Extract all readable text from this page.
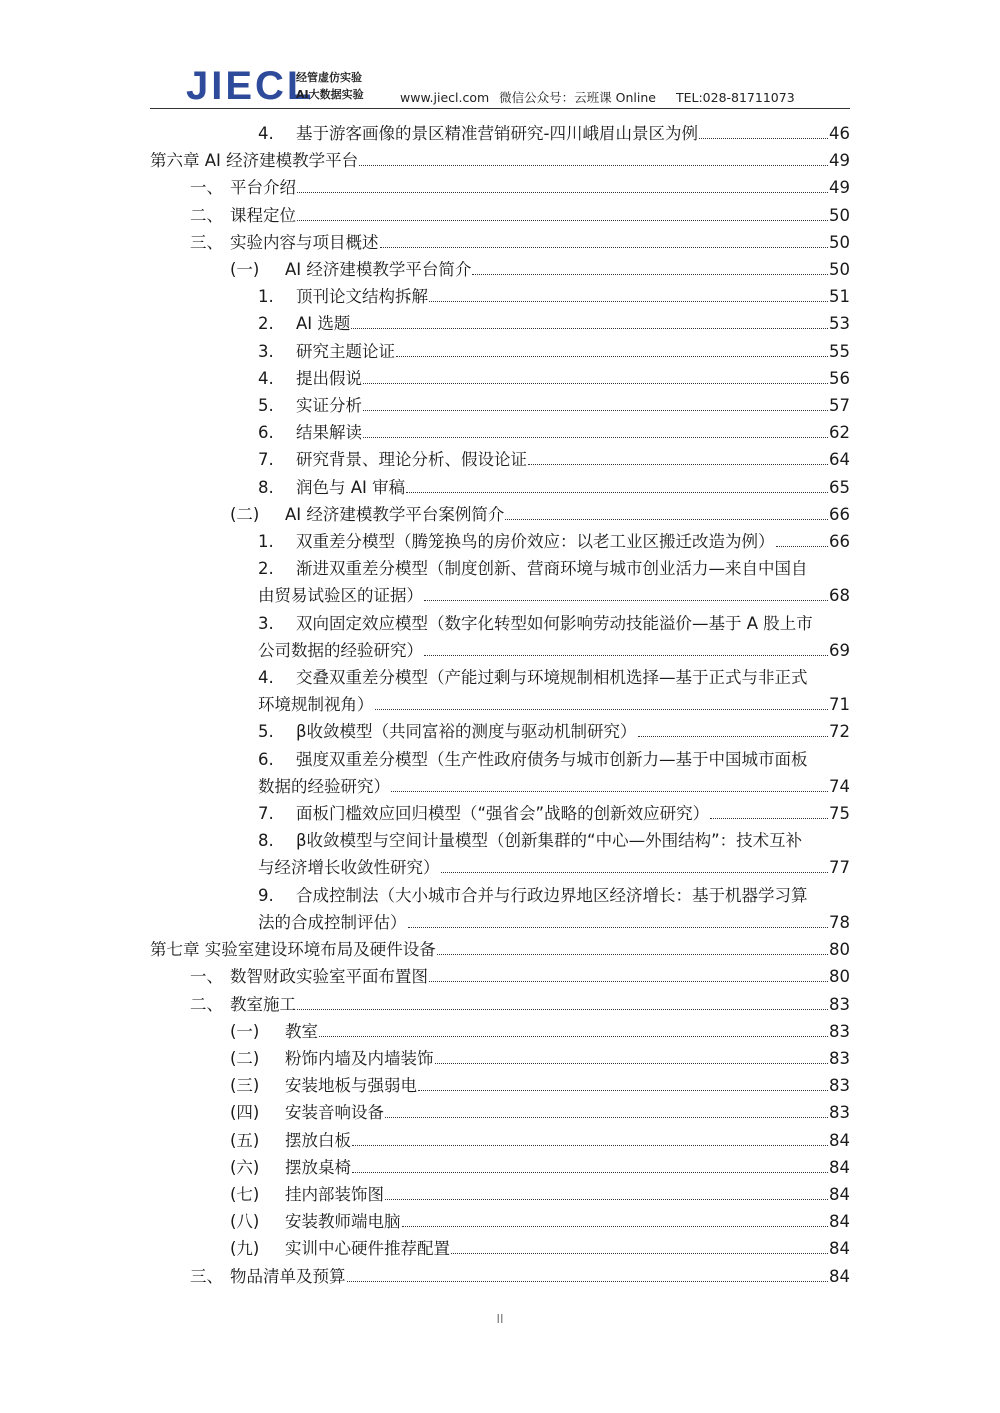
JIECL
经管虚仿实验
AI大数据实验	www.jiecl.com 微信公众号：云班课 Online TEL:028-81711073
4.	基于游客画像的景区精准营销研究-四川峨眉山景区为例	46
第六章 AI 经济建模教学平台	49
一、 平台介绍	49
二、 课程定位	50
三、 实验内容与项目概述	50
(一)	AI 经济建模教学平台简介	50
1.	顶刊论文结构拆解	51
2.	AI 选题	53
3.	研究主题论证	55
4.	提出假说	56
5.	实证分析	57
6.	结果解读	62
7.	研究背景、理论分析、假设论证	64
8.	润色与 AI 审稿	65
(二)	AI 经济建模教学平台案例简介	66
1.	双重差分模型（腾笼换鸟的房价效应：以老工业区搬迁改造为例）	66
2. 渐进双重差分模型（制度创新、营商环境与城市创业活力—来自中国自
由贸易试验区的证据）	68
3. 双向固定效应模型（数字化转型如何影响劳动技能溢价—基于 A 股上市
公司数据的经验研究）	69
4. 交叠双重差分模型（产能过剩与环境规制相机选择—基于正式与非正式
环境规制视角）	71
5.	β收敛模型（共同富裕的测度与驱动机制研究）	72
6. 强度双重差分模型（生产性政府债务与城市创新力—基于中国城市面板
数据的经验研究）	74
7.	面板门槛效应回归模型（“强省会”战略的创新效应研究）	75
8. β收敛模型与空间计量模型（创新集群的“中心—外围结构”：技术互补
与经济增长收敛性研究）	77
9. 合成控制法（大小城市合并与行政边界地区经济增长：基于机器学习算
法的合成控制评估）	78
第七章 实验室建设环境布局及硬件设备	80
一、 数智财政实验室平面布置图	80
二、 教室施工	83
(一)	教室	83
(二)	粉饰内墙及内墙装饰	83
(三)	安装地板与强弱电	83
(四)	安装音响设备	83
(五)	摆放白板	84
(六)	摆放桌椅	84
(七)	挂内部装饰图	84
(八)	安装教师端电脑	84
(九)	实训中心硬件推荐配置	84
三、 物品清单及预算	84
II
